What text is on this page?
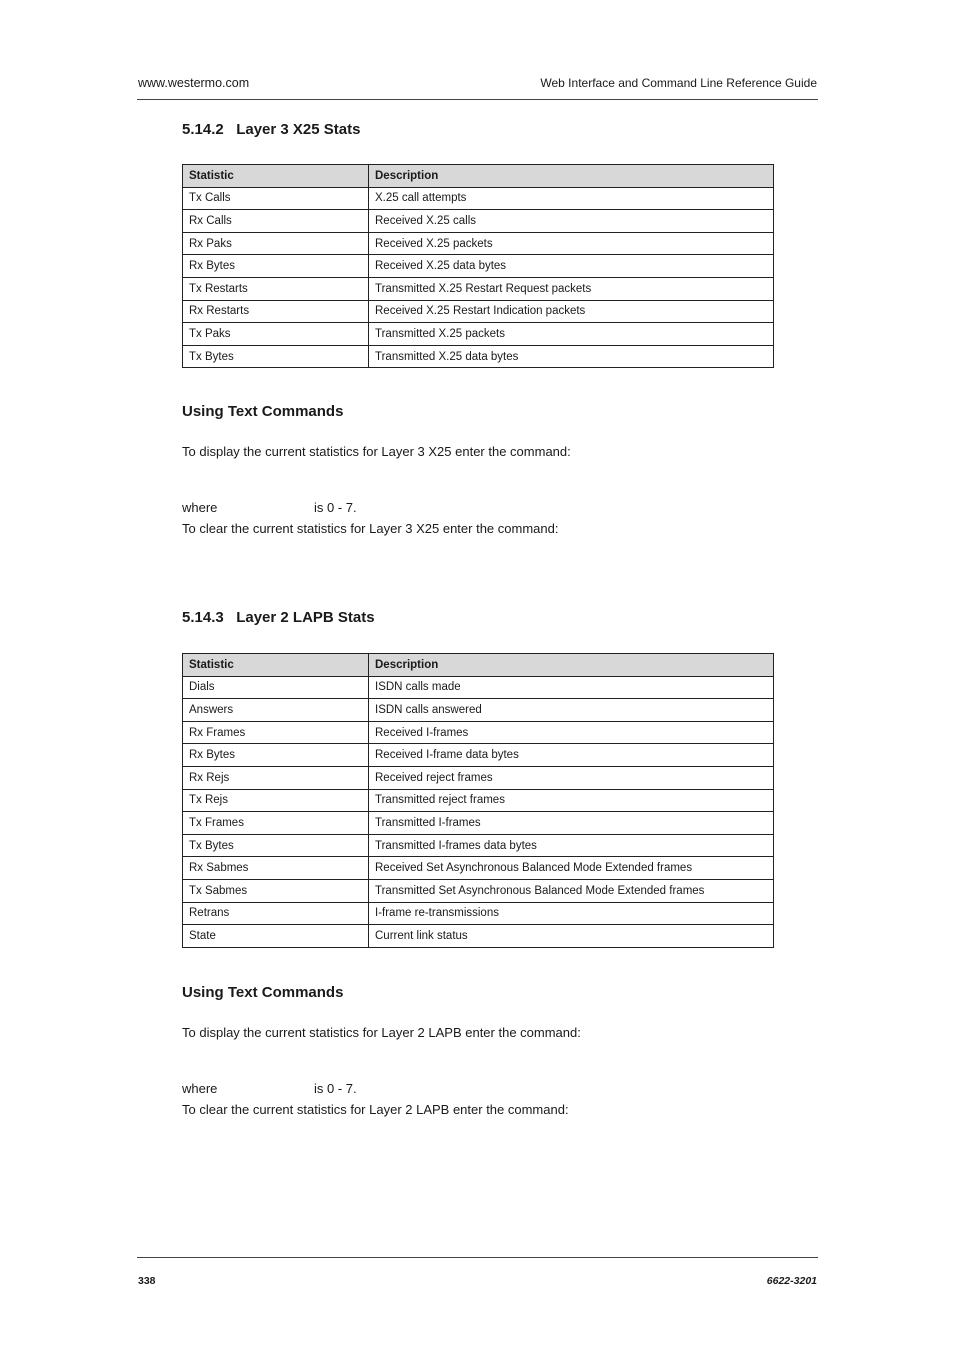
www.westermo.com	Web Interface and Command Line Reference Guide
5.14.2   Layer 3 X25 Stats
Statistic	Description
Tx Calls	X.25 call attempts
Rx Calls	Received X.25 calls
Rx Paks	Received X.25 packets
Rx Bytes	Received X.25 data bytes
Tx Restarts	Transmitted X.25 Restart Request packets
Rx Restarts	Received X.25 Restart Indication packets
Tx Paks	Transmitted X.25 packets
Tx Bytes	Transmitted X.25 data bytes
Using Text Commands
To display the current statistics for Layer 3 X25 enter the command:
where	is 0 - 7.
To clear the current statistics for Layer 3 X25 enter the command:
5.14.3   Layer 2 LAPB Stats
Statistic	Description
Dials	ISDN calls made
Answers	ISDN calls answered
Rx Frames	Received I-frames
Rx Bytes	Received I-frame data bytes
Rx Rejs	Received reject frames
Tx Rejs	Transmitted reject frames
Tx Frames	Transmitted I-frames
Tx Bytes	Transmitted I-frames data bytes
Rx Sabmes	Received Set Asynchronous Balanced Mode Extended frames
Tx Sabmes	Transmitted Set Asynchronous Balanced Mode Extended frames
Retrans	I-frame re-transmissions
State	Current link status
Using Text Commands
To display the current statistics for Layer 2 LAPB enter the command:
where	is 0 - 7.
To clear the current statistics for Layer 2 LAPB enter the command:
338	6622-3201
